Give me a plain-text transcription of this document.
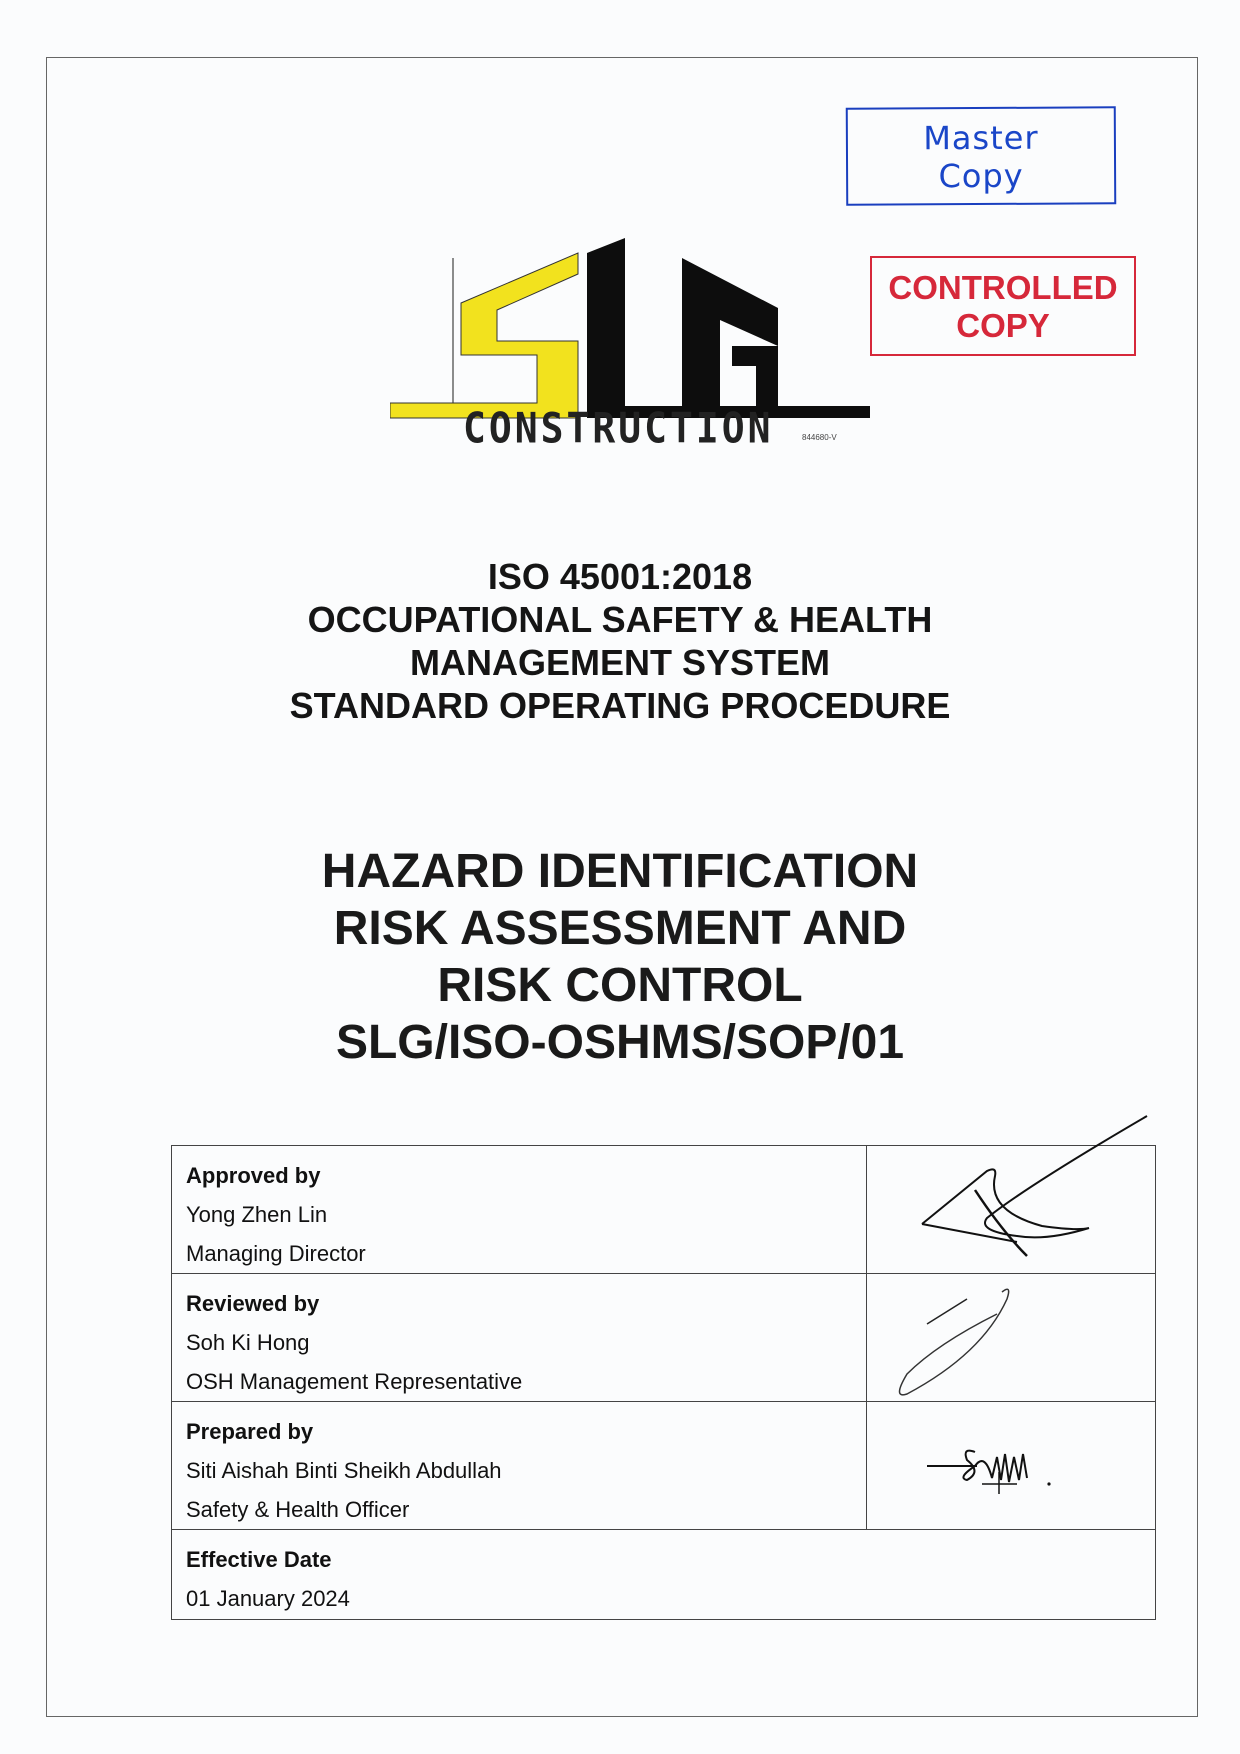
Master
Copy
CONTROLLED
COPY
CONSTRUCTION	844680-V
ISO 45001:2018
OCCUPATIONAL SAFETY & HEALTH
MANAGEMENT SYSTEM
STANDARD OPERATING PROCEDURE
HAZARD IDENTIFICATION
RISK ASSESSMENT AND
RISK CONTROL
SLG/ISO-OSHMS/SOP/01
Approved by
Yong Zhen Lin
Managing Director

Reviewed by
Soh Ki Hong
OSH Management Representative

Prepared by
Siti Aishah Binti Sheikh Abdullah
Safety & Health Officer

Effective Date
01 January 2024	
